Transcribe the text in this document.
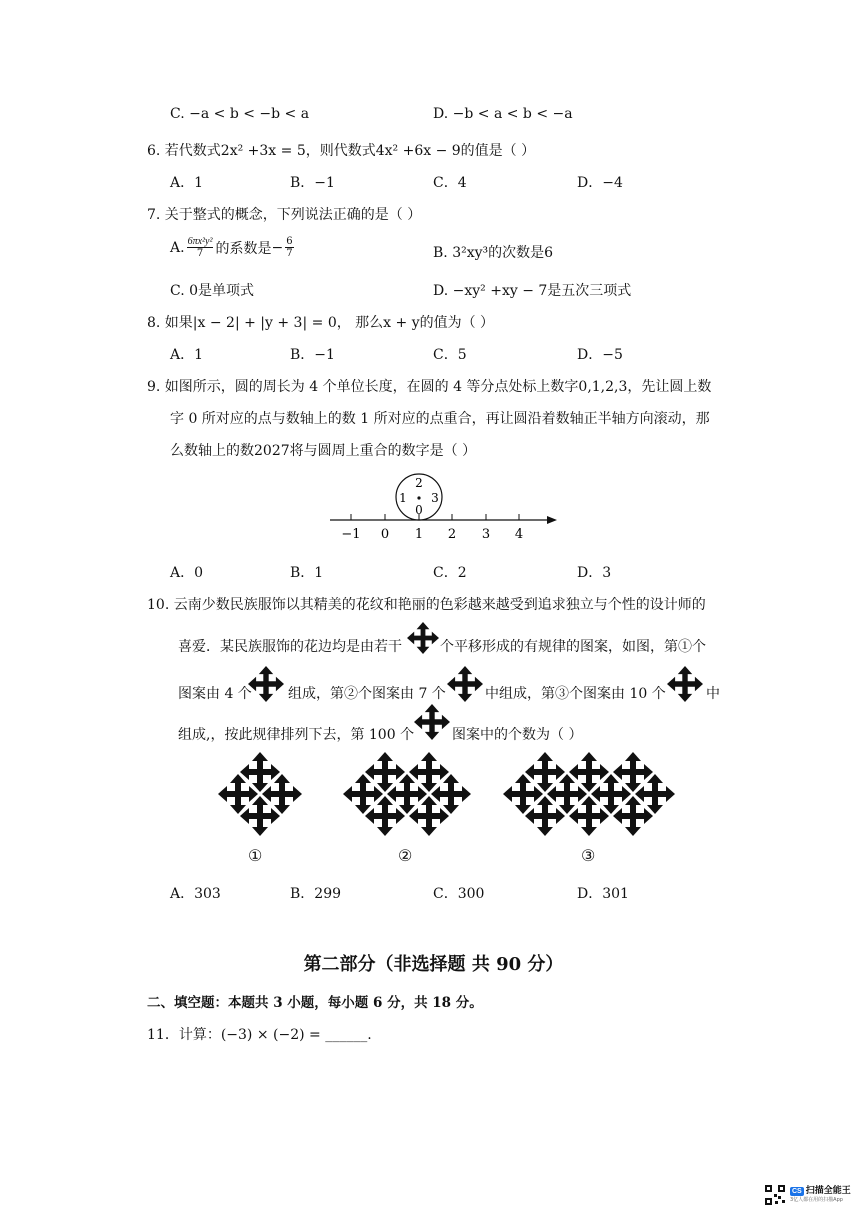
C. −a < b < −b < a	D. −b < a < b < −a
6. 若代数式2x² +3x = 5，则代数式4x² +6x − 9的值是（ ）
A．1	B．−1	C．4	D．−4
7. 关于整式的概念，下列说法正确的是（ ）
A. $\frac{\text{6πx²y²}}{7}$ 的系数是 − $\frac{6}{7}$	B. 3²xy³的次数是6
C. 0是单项式	D. −xy² +xy − 7是五次三项式
8. 如果|x − 2| + |y + 3| = 0， 那么x + y的值为（ ）
A．1	B．−1	C．5	D．−5
9. 如图所示，圆的周长为 4 个单位长度，在圆的 4 等分点处标上数字0,1,2,3，先让圆上数
字 0 所对应的点与数轴上的数 1 所对应的点重合，再让圆沿着数轴正半轴方向滚动，那
么数轴上的数2027将与圆周上重合的数字是（ ）
−1 0 1 2 3 4
2
1 3
0
A．0	B．1	C．2	D．3
10. 云南少数民族服饰以其精美的花纹和艳丽的色彩越来越受到追求独立与个性的设计师的
喜爱．某民族服饰的花边均是由若干	个平移形成的有规律的图案，如图，第①个
图案由 4 个	组成，第②个图案由 7 个	中组成，第③个图案由 10 个	中
组成,，按此规律排列下去，第 100 个	图案中的个数为（ ）
①	②	③
A．303	B．299	C．300	D．301
第二部分（非选择题 共 90 分）
二、填空题：本题共 3 小题，每小题 6 分，共 18 分。
11．计算：(−3) × (−2) = ______.
CS 扫描全能王
3亿人都在用的扫描App
